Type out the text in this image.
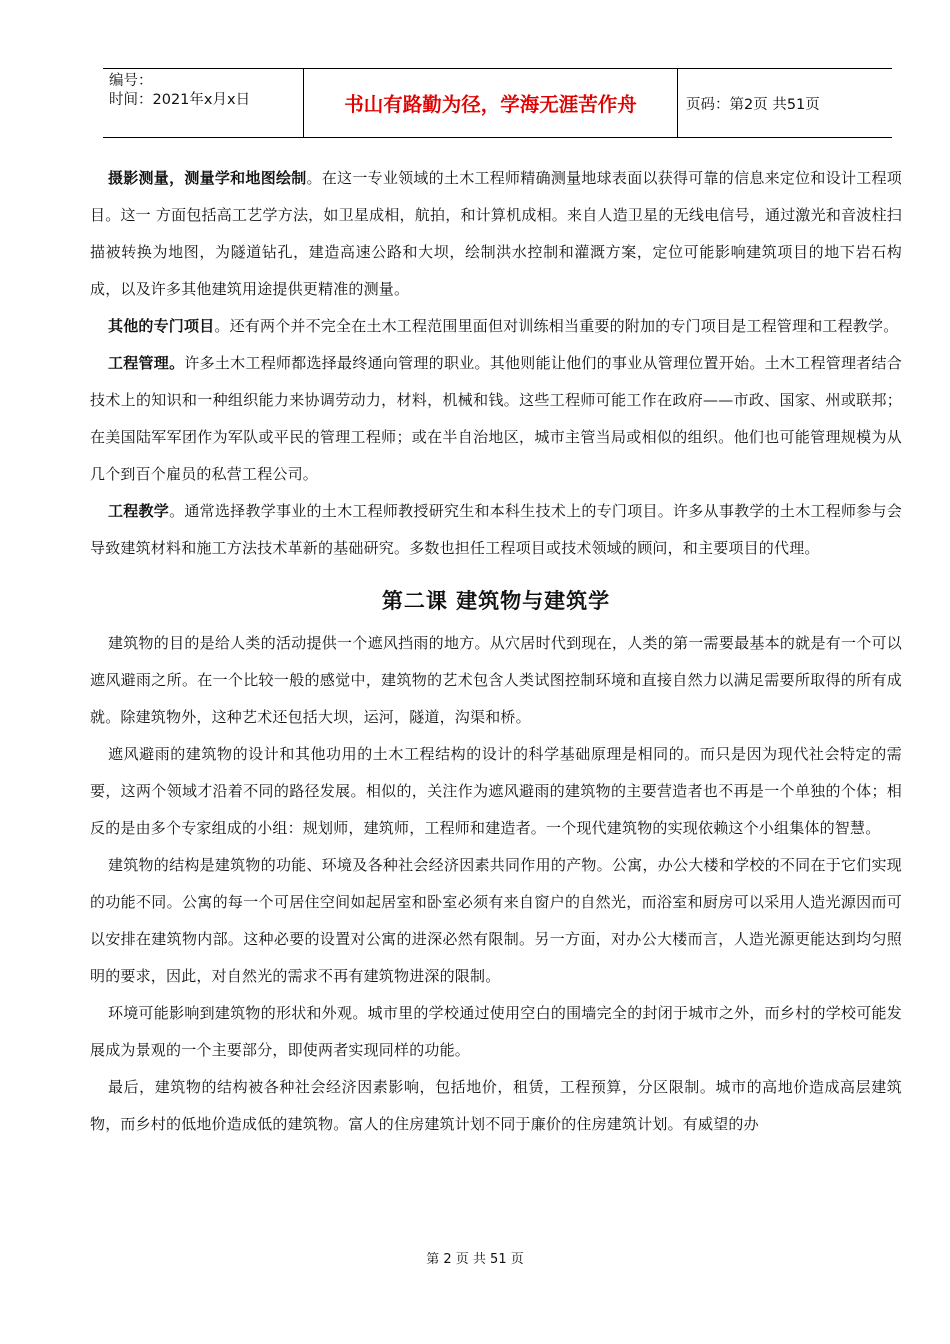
编号：
时间：2021年x月x日	书山有路勤为径，学海无涯苦作舟	页码：第2页 共51页

摄影测量，测量学和地图绘制。在这一专业领域的土木工程师精确测量地球表面以获得可靠的信息来定位和设计工程项目。这一 方面包括高工艺学方法，如卫星成相，航拍，和计算机成相。来自人造卫星的无线电信号，通过激光和音波柱扫描被转换为地图，为隧道钻孔，建造高速公路和大坝，绘制洪水控制和灌溉方案，定位可能影响建筑项目的地下岩石构成，以及许多其他建筑用途提供更精准的测量。

其他的专门项目。还有两个并不完全在土木工程范围里面但对训练相当重要的附加的专门项目是工程管理和工程教学。

工程管理。许多土木工程师都选择最终通向管理的职业。其他则能让他们的事业从管理位置开始。土木工程管理者结合技术上的知识和一种组织能力来协调劳动力，材料，机械和钱。这些工程师可能工作在政府——市政、国家、州或联邦；在美国陆军军团作为军队或平民的管理工程师；或在半自治地区，城市主管当局或相似的组织。他们也可能管理规模为从几个到百个雇员的私营工程公司。

工程教学。通常选择教学事业的土木工程师教授研究生和本科生技术上的专门项目。许多从事教学的土木工程师参与会导致建筑材料和施工方法技术革新的基础研究。多数也担任工程项目或技术领域的顾问，和主要项目的代理。

第二课 建筑物与建筑学

建筑物的目的是给人类的活动提供一个遮风挡雨的地方。从穴居时代到现在，人类的第一需要最基本的就是有一个可以遮风避雨之所。在一个比较一般的感觉中，建筑物的艺术包含人类试图控制环境和直接自然力以满足需要所取得的所有成就。除建筑物外，这种艺术还包括大坝，运河，隧道，沟渠和桥。

遮风避雨的建筑物的设计和其他功用的土木工程结构的设计的科学基础原理是相同的。而只是因为现代社会特定的需要，这两个领域才沿着不同的路径发展。相似的，关注作为遮风避雨的建筑物的主要营造者也不再是一个单独的个体；相反的是由多个专家组成的小组：规划师，建筑师，工程师和建造者。一个现代建筑物的实现依赖这个小组集体的智慧。

建筑物的结构是建筑物的功能、环境及各种社会经济因素共同作用的产物。公寓，办公大楼和学校的不同在于它们实现的功能不同。公寓的每一个可居住空间如起居室和卧室必须有来自窗户的自然光，而浴室和厨房可以采用人造光源因而可以安排在建筑物内部。这种必要的设置对公寓的进深必然有限制。另一方面，对办公大楼而言，人造光源更能达到均匀照明的要求，因此，对自然光的需求不再有建筑物进深的限制。

环境可能影响到建筑物的形状和外观。城市里的学校通过使用空白的围墙完全的封闭于城市之外，而乡村的学校可能发展成为景观的一个主要部分，即使两者实现同样的功能。

最后，建筑物的结构被各种社会经济因素影响，包括地价，租赁，工程预算，分区限制。城市的高地价造成高层建筑物，而乡村的低地价造成低的建筑物。富人的住房建筑计划不同于廉价的住房建筑计划。有威望的办

第 2 页 共 51 页
